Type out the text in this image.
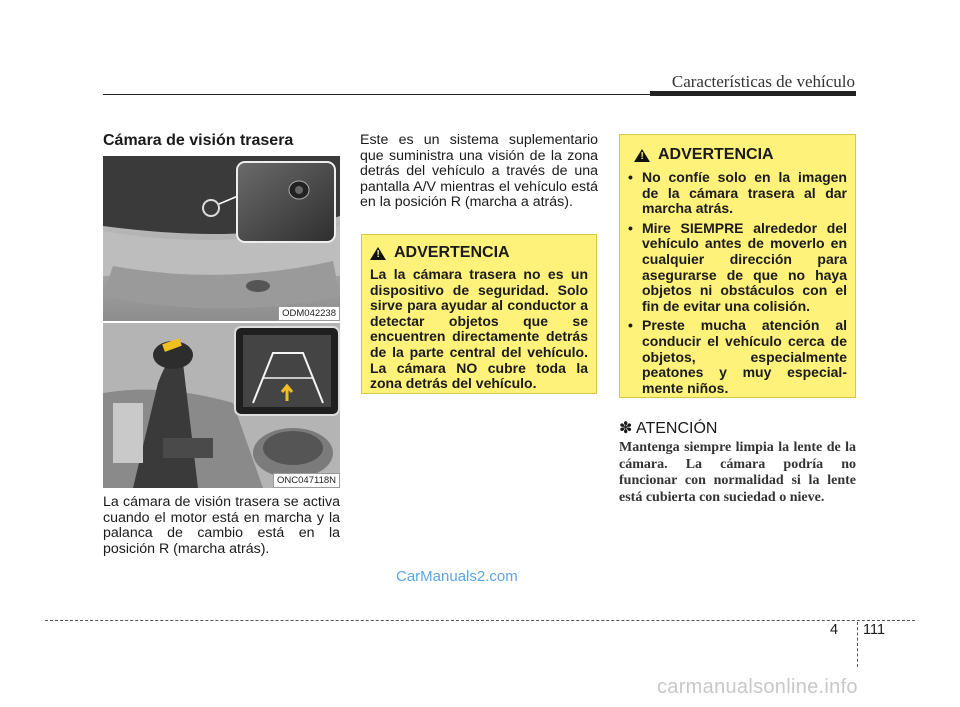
Características de vehículo
Cámara de visión trasera
ODM042238
ONC047118N
La cámara de visión trasera se activa cuando el motor está en marcha y la palanca de cambio está en la posición R (marcha atrás).
Este es un sistema suplementario que suministra una visión de la zona detrás del vehículo a través de una pantalla A/V mientras el vehículo está en la posición R (marcha a atrás).
! ADVERTENCIA
La la cámara trasera no es un dispositivo de seguridad. Solo sirve para ayudar al conductor a detectar objetos que se encuentren directamente detrás de la parte central del vehículo. La cámara NO cubre toda la zona detrás del vehículo.
! ADVERTENCIA
• No confíe solo en la imagen de la cámara trasera al dar marcha atrás.
• Mire SIEMPRE alrededor del vehículo antes de moverlo en cualquier dirección para asegurarse de que no haya objetos ni obstáculos con el fin de evitar una colisión.
• Preste mucha atención al conducir el vehículo cerca de objetos, especialmente peatones y muy especial-mente niños.
✽ ATENCIÓN
Mantenga siempre limpia la lente de la cámara. La cámara podría no funcionar con normalidad si la lente está cubierta con suciedad o nieve.
CarManuals2.com
4 111
carmanualsonline.info
